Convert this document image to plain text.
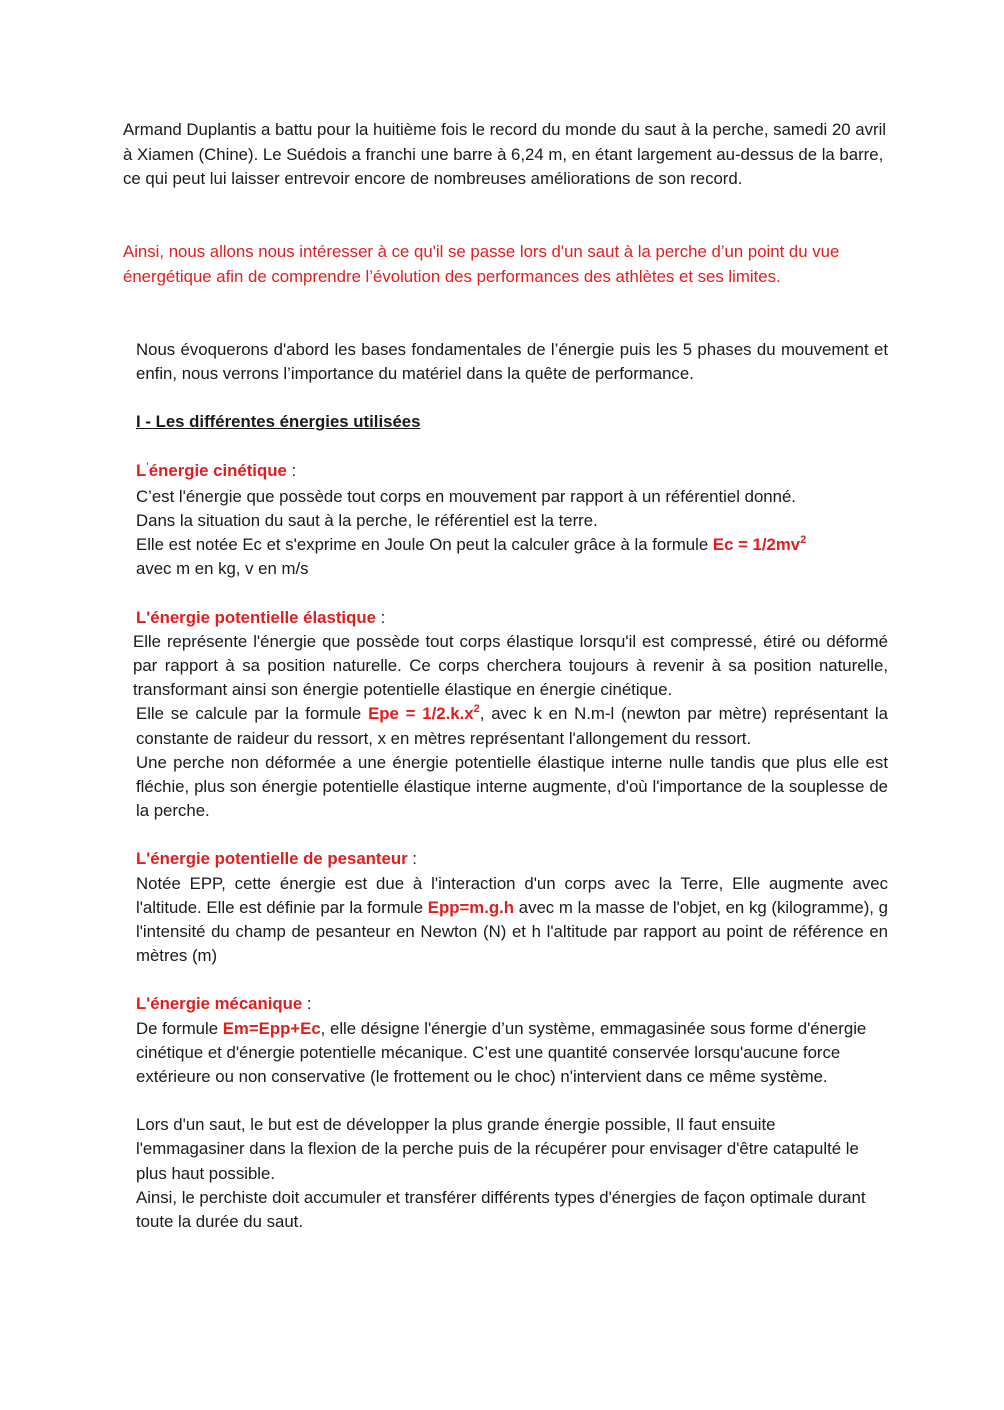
Armand Duplantis a battu pour la huitième fois le record du monde du saut à la perche, samedi 20 avril à Xiamen (Chine). Le Suédois a franchi une barre à 6,24 m, en étant largement au-dessus de la barre, ce qui peut lui laisser entrevoir encore de nombreuses améliorations de son record.

Ainsi, nous allons nous intéresser à ce qu'il se passe lors d'un saut à la perche d’un point du vue énergétique afin de comprendre l’évolution des performances des athlètes et ses limites.

Nous évoquerons d'abord les bases fondamentales de l’énergie puis les 5 phases du mouvement et enfin, nous verrons l’importance du matériel dans la quête de performance.

I - Les différentes énergies utilisées

L’énergie cinétique :

C’est l'énergie que possède tout corps en mouvement par rapport à un référentiel donné.

Dans la situation du saut à la perche, le référentiel est la terre.

Elle est notée Ec et s'exprime en Joule On peut la calculer grâce à la formule $Ec = 1/2mv^2$

avec m en kg, v en m/s

L'énergie potentielle élastique :

Elle représente l'énergie que possède tout corps élastique lorsqu'il est compressé, étiré ou déformé par rapport à sa position naturelle. Ce corps cherchera toujours à revenir à sa position naturelle, transformant ainsi son énergie potentielle élastique en énergie cinétique.

Elle se calcule par la formule Epe = $1/2.k.x^2$, avec k en N.m-l (newton par mètre) représentant la constante de raideur du ressort, x en mètres représentant l'allongement du ressort.

Une perche non déformée a une énergie potentielle élastique interne nulle tandis que plus elle est fléchie, plus son énergie potentielle élastique interne augmente, d'où l'importance de la souplesse de la perche.

L'énergie potentielle de pesanteur :

Notée EPP, cette énergie est due à l'interaction d'un corps avec la Terre, Elle augmente avec l'altitude. Elle est définie par la formule Epp=m.g.h avec m la masse de l'objet, en kg (kilogramme), g l'intensité du champ de pesanteur en Newton (N) et h l'altitude par rapport au point de référence en mètres (m)

L'énergie mécanique :

De formule Em=Epp+Ec, elle désigne l'énergie d’un système, emmagasinée sous forme d'énergie cinétique et d'énergie potentielle mécanique. C’est une quantité conservée lorsqu'aucune force extérieure ou non conservative (le frottement ou le choc) n'intervient dans ce même système.

Lors d'un saut, le but est de développer la plus grande énergie possible, Il faut ensuite l'emmagasiner dans la flexion de la perche puis de la récupérer pour envisager d'être catapulté le plus haut possible.

Ainsi, le perchiste doit accumuler et transférer différents types d'énergies de façon optimale durant toute la durée du saut.
